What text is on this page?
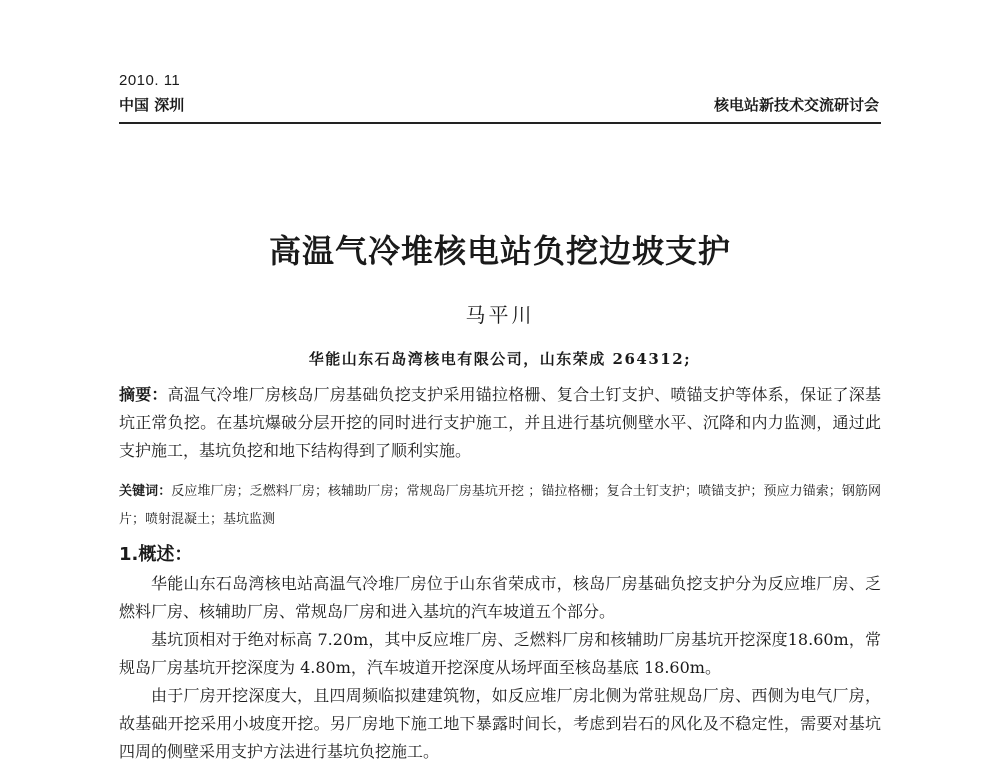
2010. 11
中国 深圳	核电站新技术交流研讨会
高温气冷堆核电站负挖边坡支护
马平川
华能山东石岛湾核电有限公司，山东荣成 264312;
摘要：高温气冷堆厂房核岛厂房基础负挖支护采用锚拉格栅、复合土钉支护、喷锚支护等体系，保证了深基坑正常负挖。在基坑爆破分层开挖的同时进行支护施工，并且进行基坑侧壁水平、沉降和内力监测，通过此支护施工，基坑负挖和地下结构得到了顺利实施。
关键词：反应堆厂房；乏燃料厂房；核辅助厂房；常规岛厂房基坑开挖 ；锚拉格栅；复合土钉支护；喷锚支护；预应力锚索；钢筋网片；喷射混凝土；基坑监测
1.概述：
华能山东石岛湾核电站高温气冷堆厂房位于山东省荣成市，核岛厂房基础负挖支护分为反应堆厂房、乏燃料厂房、核辅助厂房、常规岛厂房和进入基坑的汽车坡道五个部分。
基坑顶相对于绝对标高 7.20m，其中反应堆厂房、乏燃料厂房和核辅助厂房基坑开挖深度18.60m，常规岛厂房基坑开挖深度为 4.80m，汽车坡道开挖深度从场坪面至核岛基底 18.60m。
由于厂房开挖深度大，且四周频临拟建建筑物，如反应堆厂房北侧为常驻规岛厂房、西侧为电气厂房，故基础开挖采用小坡度开挖。另厂房地下施工地下暴露时间长，考虑到岩石的风化及不稳定性，需要对基坑四周的侧壁采用支护方法进行基坑负挖施工。
